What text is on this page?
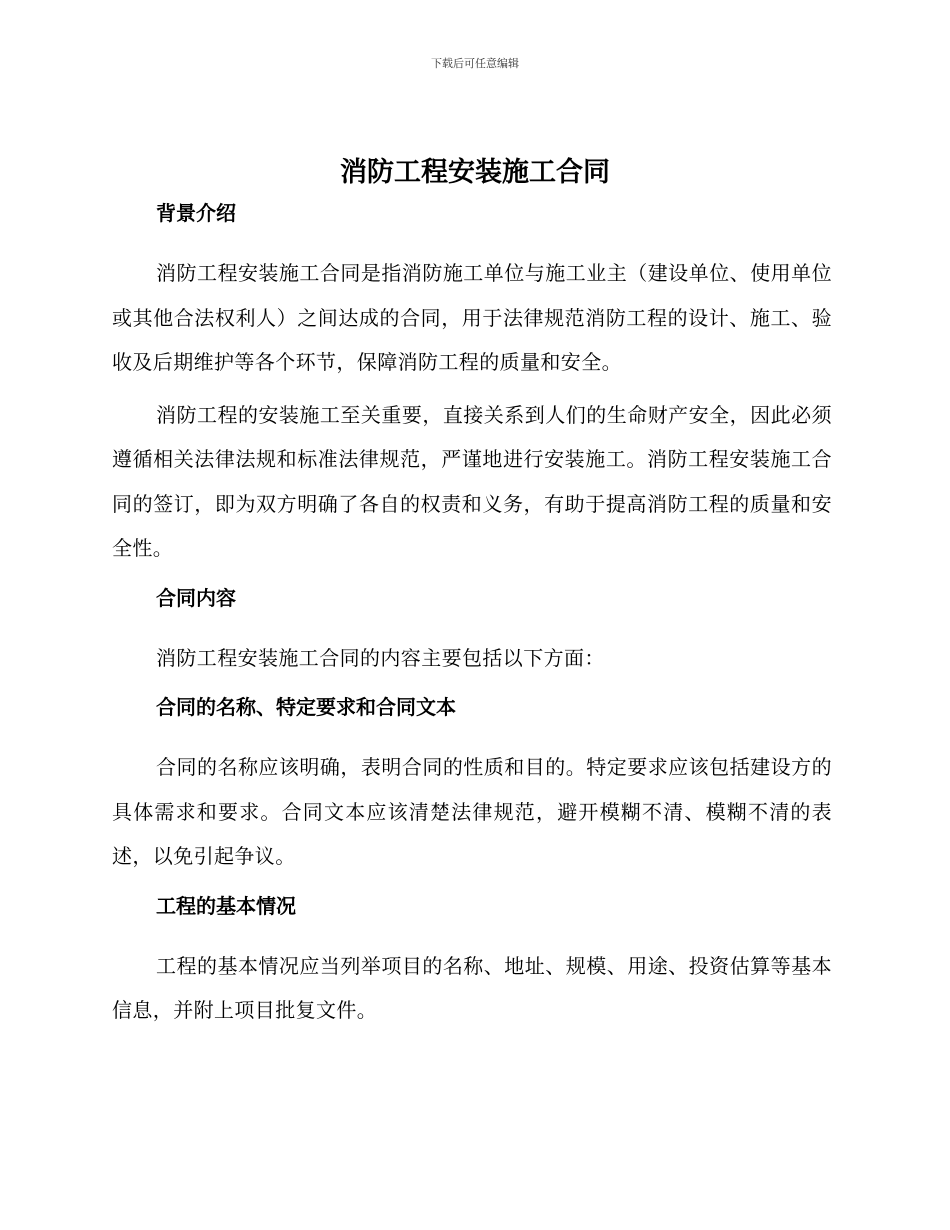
下载后可任意编辑
消防工程安装施工合同

背景介绍

消防工程安装施工合同是指消防施工单位与施工业主（建设单位、使用单位或其他合法权利人）之间达成的合同，用于法律规范消防工程的设计、施工、验收及后期维护等各个环节，保障消防工程的质量和安全。

消防工程的安装施工至关重要，直接关系到人们的生命财产安全，因此必须遵循相关法律法规和标准法律规范，严谨地进行安装施工。消防工程安装施工合同的签订，即为双方明确了各自的权责和义务，有助于提高消防工程的质量和安全性。

合同内容

消防工程安装施工合同的内容主要包括以下方面：

合同的名称、特定要求和合同文本

合同的名称应该明确，表明合同的性质和目的。特定要求应该包括建设方的具体需求和要求。合同文本应该清楚法律规范，避开模糊不清、模糊不清的表述，以免引起争议。

工程的基本情况

工程的基本情况应当列举项目的名称、地址、规模、用途、投资估算等基本信息，并附上项目批复文件。
